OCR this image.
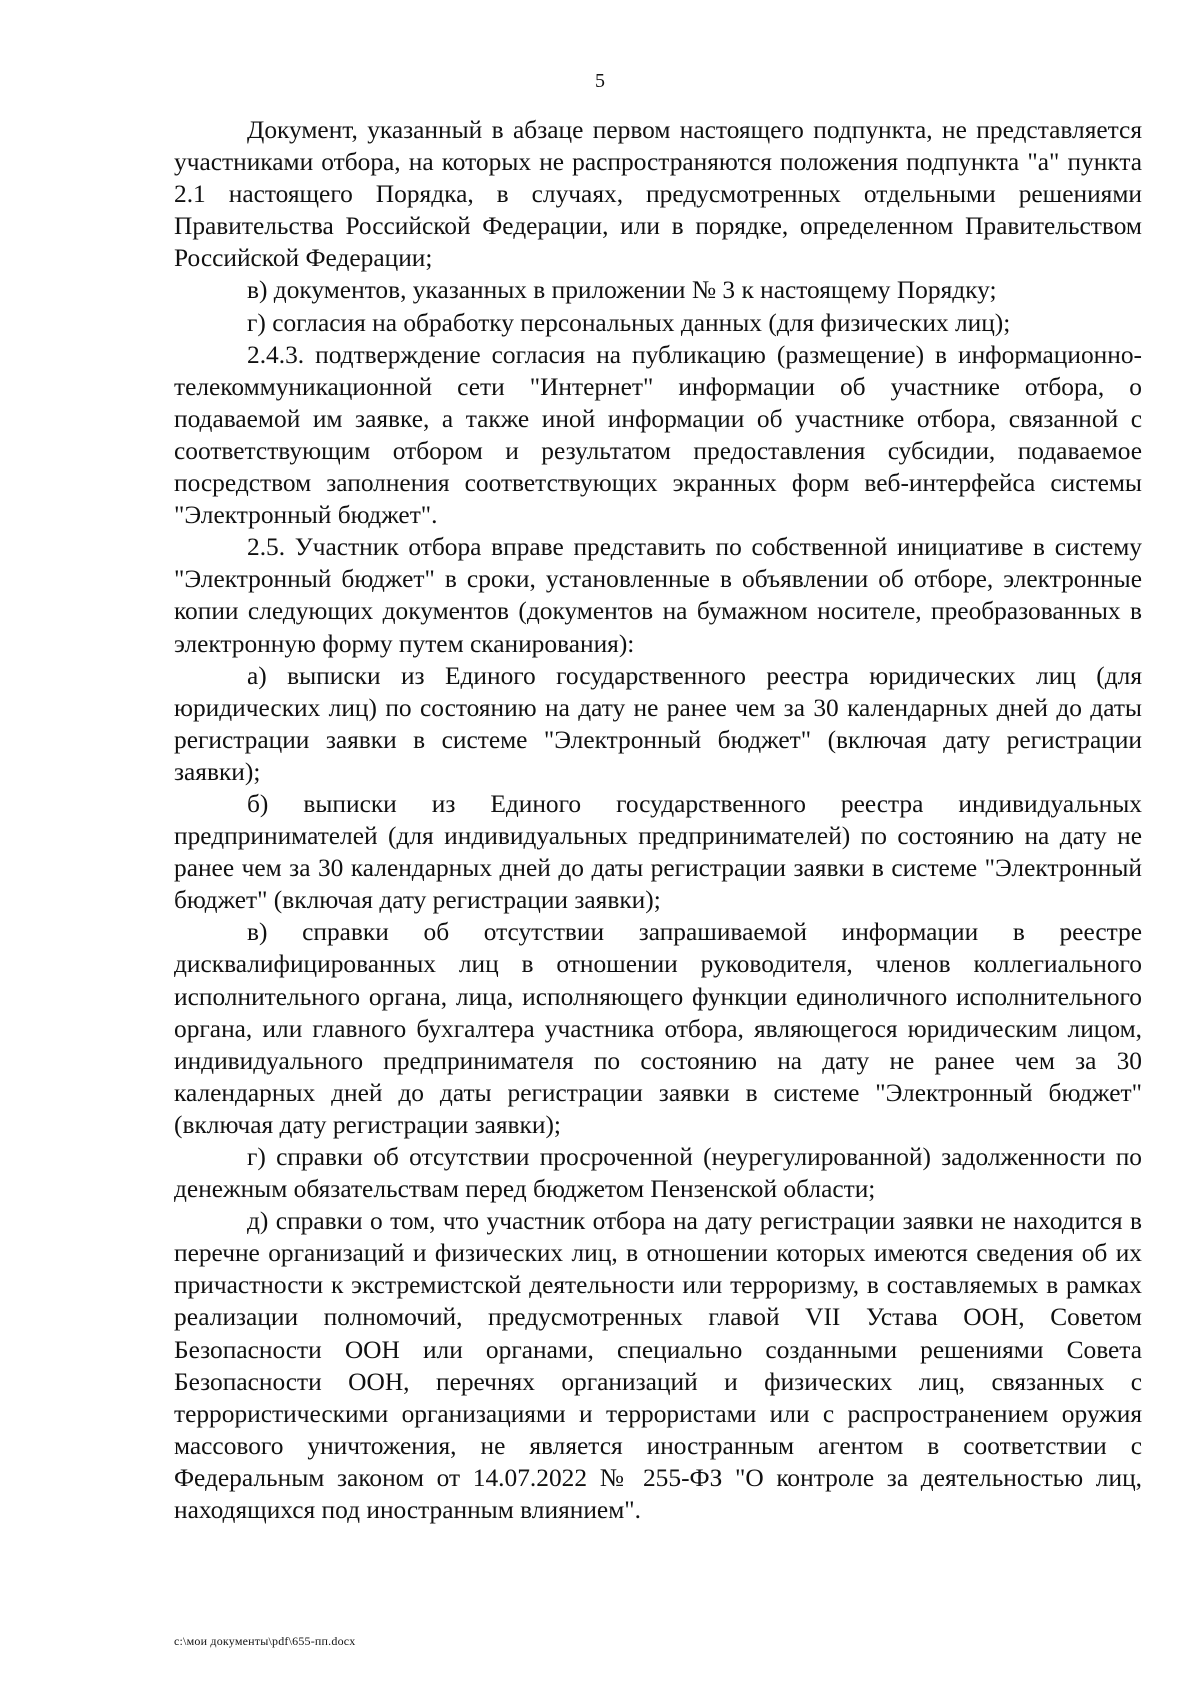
5

Документ, указанный в абзаце первом настоящего подпункта, не представляется участниками отбора, на которых не распространяются положения подпункта "а" пункта 2.1 настоящего Порядка, в случаях, предусмотренных отдельными решениями Правительства Российской Федерации, или в порядке, определенном Правительством Российской Федерации;

в) документов, указанных в приложении № 3 к настоящему Порядку;

г) согласия на обработку персональных данных (для физических лиц);

2.4.3. подтверждение согласия на публикацию (размещение) в информационно-телекоммуникационной сети "Интернет" информации об участнике отбора, о подаваемой им заявке, а также иной информации об участнике отбора, связанной с соответствующим отбором и результатом предоставления субсидии, подаваемое посредством заполнения соответствующих экранных форм веб-интерфейса системы "Электронный бюджет".

2.5. Участник отбора вправе представить по собственной инициативе в систему "Электронный бюджет" в сроки, установленные в объявлении об отборе, электронные копии следующих документов (документов на бумажном носителе, преобразованных в электронную форму путем сканирования):

а) выписки из Единого государственного реестра юридических лиц (для юридических лиц) по состоянию на дату не ранее чем за 30 календарных дней до даты регистрации заявки в системе "Электронный бюджет" (включая дату регистрации заявки);

б) выписки из Единого государственного реестра индивидуальных предпринимателей (для индивидуальных предпринимателей) по состоянию на дату не ранее чем за 30 календарных дней до даты регистрации заявки в системе "Электронный бюджет" (включая дату регистрации заявки);

в) справки об отсутствии запрашиваемой информации в реестре дисквалифицированных лиц в отношении руководителя, членов коллегиального исполнительного органа, лица, исполняющего функции единоличного исполнительного органа, или главного бухгалтера участника отбора, являющегося юридическим лицом, индивидуального предпринимателя по состоянию на дату не ранее чем за 30 календарных дней до даты регистрации заявки в системе "Электронный бюджет" (включая дату регистрации заявки);

г) справки об отсутствии просроченной (неурегулированной) задолженности по денежным обязательствам перед бюджетом Пензенской области;

д) справки о том, что участник отбора на дату регистрации заявки не находится в перечне организаций и физических лиц, в отношении которых имеются сведения об их причастности к экстремистской деятельности или терроризму, в составляемых в рамках реализации полномочий, предусмотренных главой VII Устава ООН, Советом Безопасности ООН или органами, специально созданными решениями Совета Безопасности ООН, перечнях организаций и физических лиц, связанных с террористическими организациями и террористами или с распространением оружия массового уничтожения, не является иностранным агентом в соответствии с Федеральным законом от 14.07.2022 № 255-ФЗ "О контроле за деятельностью лиц, находящихся под иностранным влиянием".

c:\мои документы\pdf\655-пп.docx
